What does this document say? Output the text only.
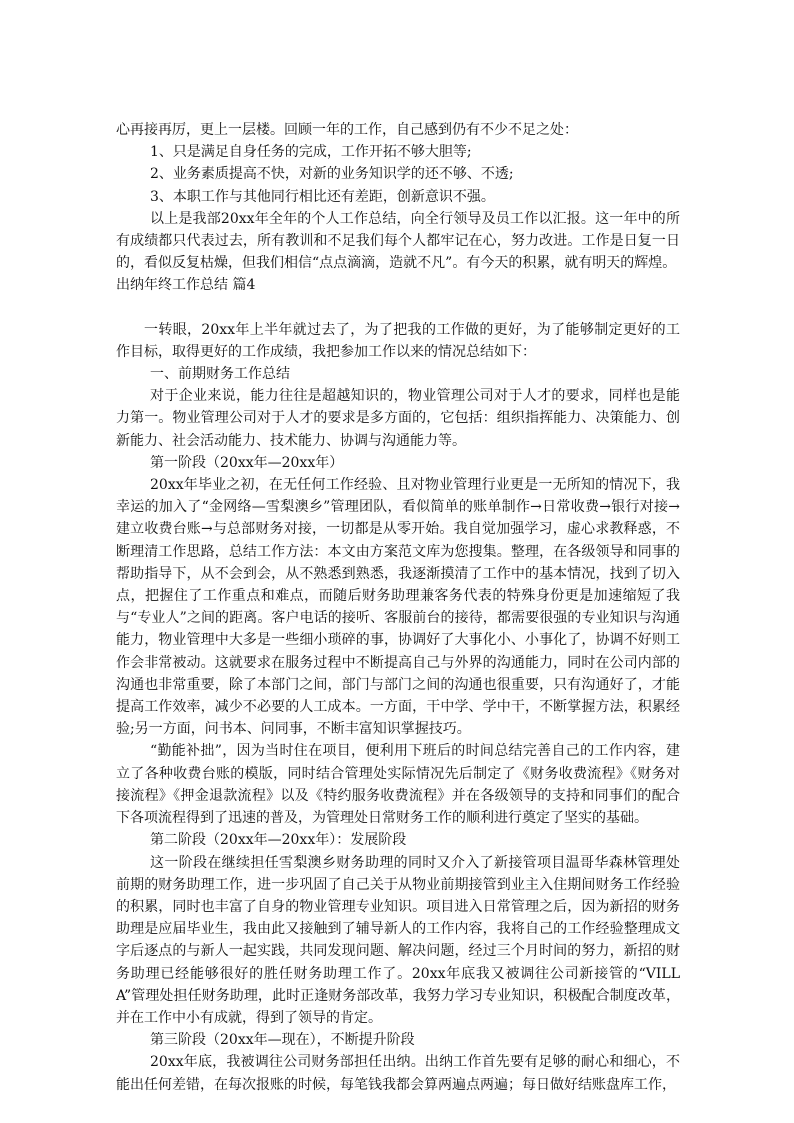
心再接再厉，更上一层楼。回顾一年的工作，自己感到仍有不少不足之处：

1、只是满足自身任务的完成，工作开拓不够大胆等;

2、业务素质提高不快，对新的业务知识学的还不够、不透;

3、本职工作与其他同行相比还有差距，创新意识不强。

以上是我部20xx年全年的个人工作总结，向全行领导及员工作以汇报。这一年中的所有成绩都只代表过去，所有教训和不足我们每个人都牢记在心，努力改进。工作是日复一日的，看似反复枯燥，但我们相信“点点滴滴，造就不凡”。有今天的积累，就有明天的辉煌。

出纳年终工作总结 篇4

一转眼，20xx年上半年就过去了，为了把我的工作做的更好，为了能够制定更好的工作目标，取得更好的工作成绩，我把参加工作以来的情况总结如下：

一、前期财务工作总结

对于企业来说，能力往往是超越知识的，物业管理公司对于人才的要求，同样也是能力第一。物业管理公司对于人才的要求是多方面的，它包括：组织指挥能力、决策能力、创新能力、社会活动能力、技术能力、协调与沟通能力等。

第一阶段（20xx年—20xx年）

20xx年毕业之初，在无任何工作经验、且对物业管理行业更是一无所知的情况下，我幸运的加入了“金网络—雪梨澳乡”管理团队，看似简单的账单制作→日常收费→银行对接→建立收费台账→与总部财务对接，一切都是从零开始。我自觉加强学习，虚心求教释惑，不断理清工作思路，总结工作方法：本文由方案范文库为您搜集。整理，在各级领导和同事的帮助指导下，从不会到会，从不熟悉到熟悉，我逐渐摸清了工作中的基本情况，找到了切入点，把握住了工作重点和难点，而随后财务助理兼客务代表的特殊身份更是加速缩短了我与“专业人”之间的距离。客户电话的接听、客服前台的接待，都需要很强的专业知识与沟通能力，物业管理中大多是一些细小琐碎的事，协调好了大事化小、小事化了，协调不好则工作会非常被动。这就要求在服务过程中不断提高自己与外界的沟通能力，同时在公司内部的沟通也非常重要，除了本部门之间，部门与部门之间的沟通也很重要，只有沟通好了，才能提高工作效率，减少不必要的人工成本。一方面，干中学、学中干，不断掌握方法，积累经验;另一方面，问书本、问同事，不断丰富知识掌握技巧。

“勤能补拙”，因为当时住在项目，便利用下班后的时间总结完善自己的工作内容，建立了各种收费台账的模版，同时结合管理处实际情况先后制定了《财务收费流程》《财务对接流程》《押金退款流程》以及《特约服务收费流程》并在各级领导的支持和同事们的配合下各项流程得到了迅速的普及，为管理处日常财务工作的顺利进行奠定了坚实的基础。

第二阶段（20xx年—20xx年）：发展阶段

这一阶段在继续担任雪梨澳乡财务助理的同时又介入了新接管项目温哥华森林管理处前期的财务助理工作，进一步巩固了自己关于从物业前期接管到业主入住期间财务工作经验的积累，同时也丰富了自身的物业管理专业知识。项目进入日常管理之后，因为新招的财务助理是应届毕业生，我由此又接触到了辅导新人的工作内容，我将自己的工作经验整理成文字后逐点的与新人一起实践，共同发现问题、解决问题，经过三个月时间的努力，新招的财务助理已经能够很好的胜任财务助理工作了。20xx年底我又被调往公司新接管的“VILLA”管理处担任财务助理，此时正逢财务部改革，我努力学习专业知识，积极配合制度改革，并在工作中小有成就，得到了领导的肯定。

第三阶段（20xx年—现在），不断提升阶段

20xx年底，我被调往公司财务部担任出纳。出纳工作首先要有足够的耐心和细心，不能出任何差错，在每次报账的时候，每笔钱我都会算两遍点两遍；每日做好结账盘库工作，
